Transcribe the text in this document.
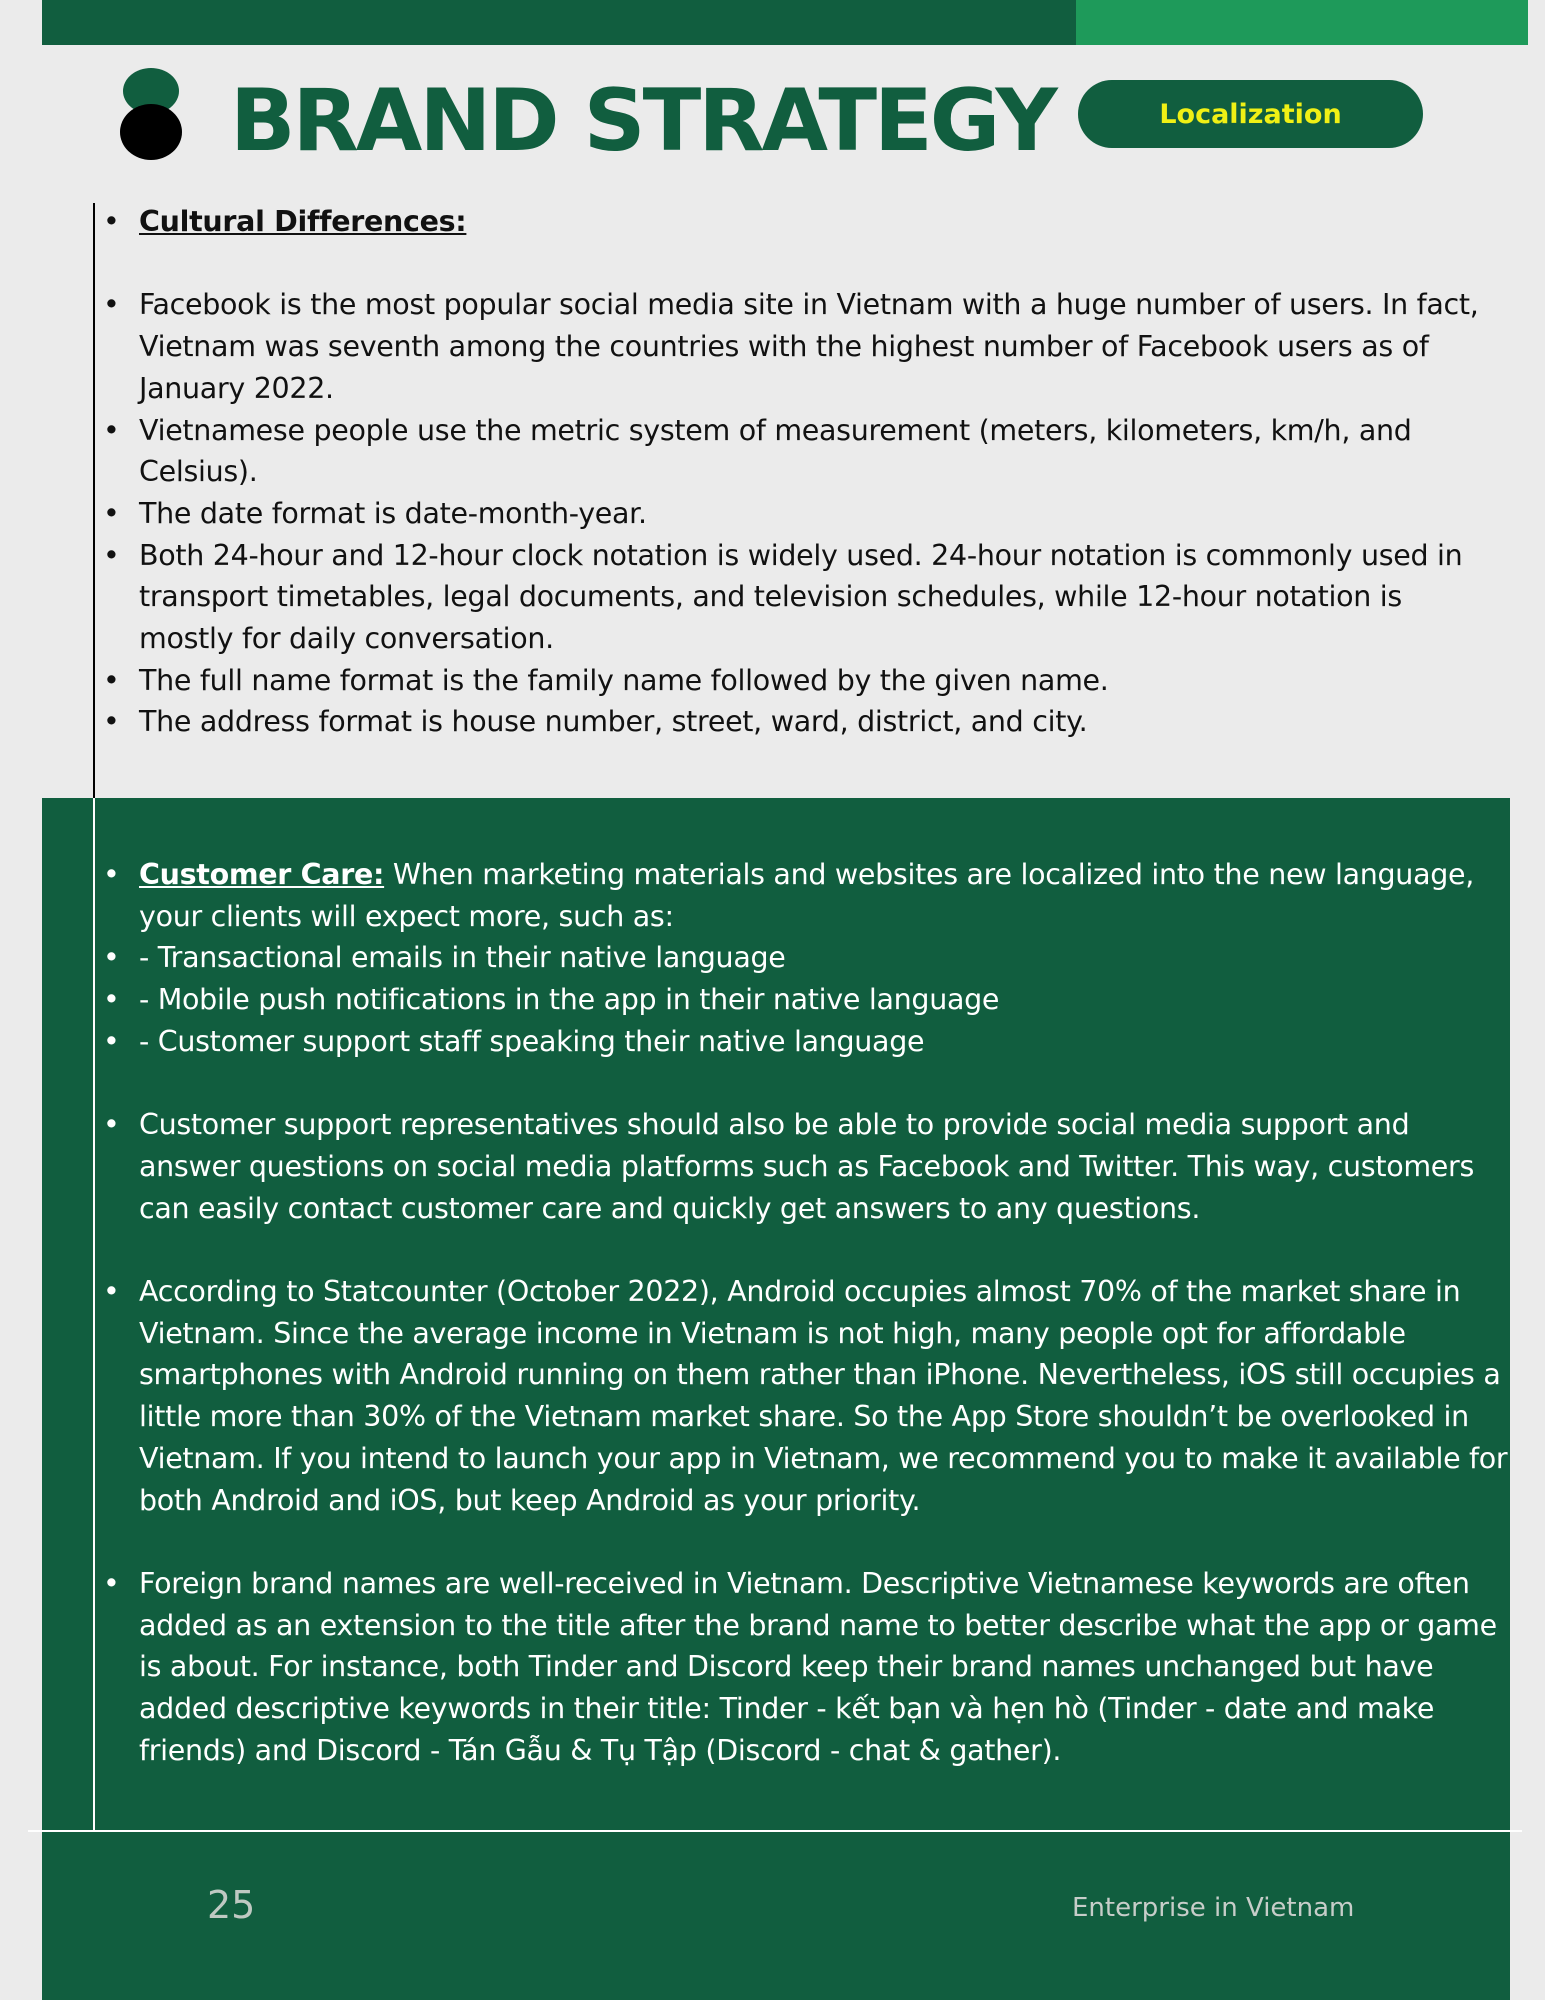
BRAND STRATEGY	Localization
• Cultural Differences:
• Facebook is the most popular social media site in Vietnam with a huge number of users. In fact, Vietnam was seventh among the countries with the highest number of Facebook users as of January 2022.
• Vietnamese people use the metric system of measurement (meters, kilometers, km/h, and Celsius).
• The date format is date-month-year.
• Both 24-hour and 12-hour clock notation is widely used. 24-hour notation is commonly used in transport timetables, legal documents, and television schedules, while 12-hour notation is mostly for daily conversation.
• The full name format is the family name followed by the given name.
• The address format is house number, street, ward, district, and city.
• Customer Care: When marketing materials and websites are localized into the new language, your clients will expect more, such as:
• - Transactional emails in their native language
• - Mobile push notifications in the app in their native language
• - Customer support staff speaking their native language
• Customer support representatives should also be able to provide social media support and answer questions on social media platforms such as Facebook and Twitter. This way, customers can easily contact customer care and quickly get answers to any questions.
• According to Statcounter (October 2022), Android occupies almost 70% of the market share in Vietnam. Since the average income in Vietnam is not high, many people opt for affordable smartphones with Android running on them rather than iPhone. Nevertheless, iOS still occupies a little more than 30% of the Vietnam market share. So the App Store shouldn’t be overlooked in Vietnam. If you intend to launch your app in Vietnam, we recommend you to make it available for both Android and iOS, but keep Android as your priority.
• Foreign brand names are well-received in Vietnam. Descriptive Vietnamese keywords are often added as an extension to the title after the brand name to better describe what the app or game is about. For instance, both Tinder and Discord keep their brand names unchanged but have added descriptive keywords in their title: Tinder - kết bạn và hẹn hò (Tinder - date and make friends) and Discord - Tán Gẫu & Tụ Tập (Discord - chat & gather).
25	Enterprise in Vietnam
